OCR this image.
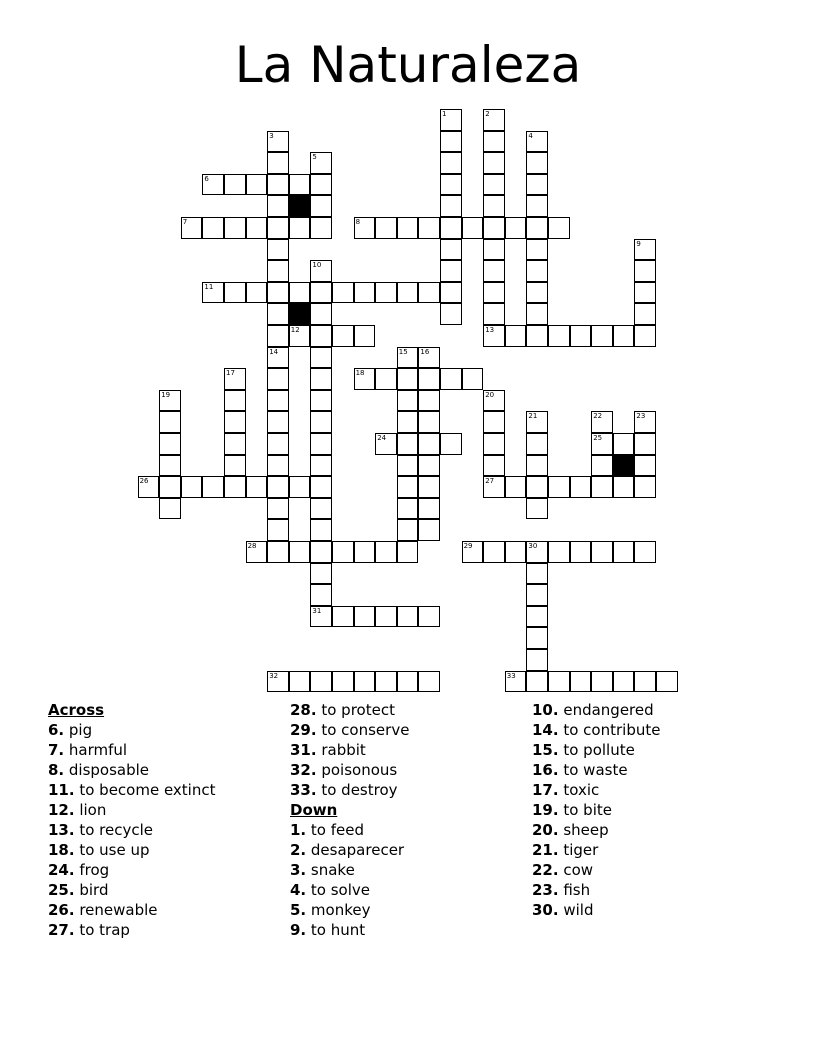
La Naturaleza
6
7	8
11
12	13
18
24	25
26	27
28	29	30
31
32	33
1	2
3	4
5
9
10
14	15 16
17
19	20
21	22	23
Across
6. pig
7. harmful
8. disposable
11. to become extinct
12. lion
13. to recycle
18. to use up
24. frog
25. bird
26. renewable
27. to trap
28. to protect
29. to conserve
31. rabbit
32. poisonous
33. to destroy
Down
1. to feed
2. desaparecer
3. snake
4. to solve
5. monkey
9. to hunt
10. endangered
14. to contribute
15. to pollute
16. to waste
17. toxic
19. to bite
20. sheep
21. tiger
22. cow
23. fish
30. wild
